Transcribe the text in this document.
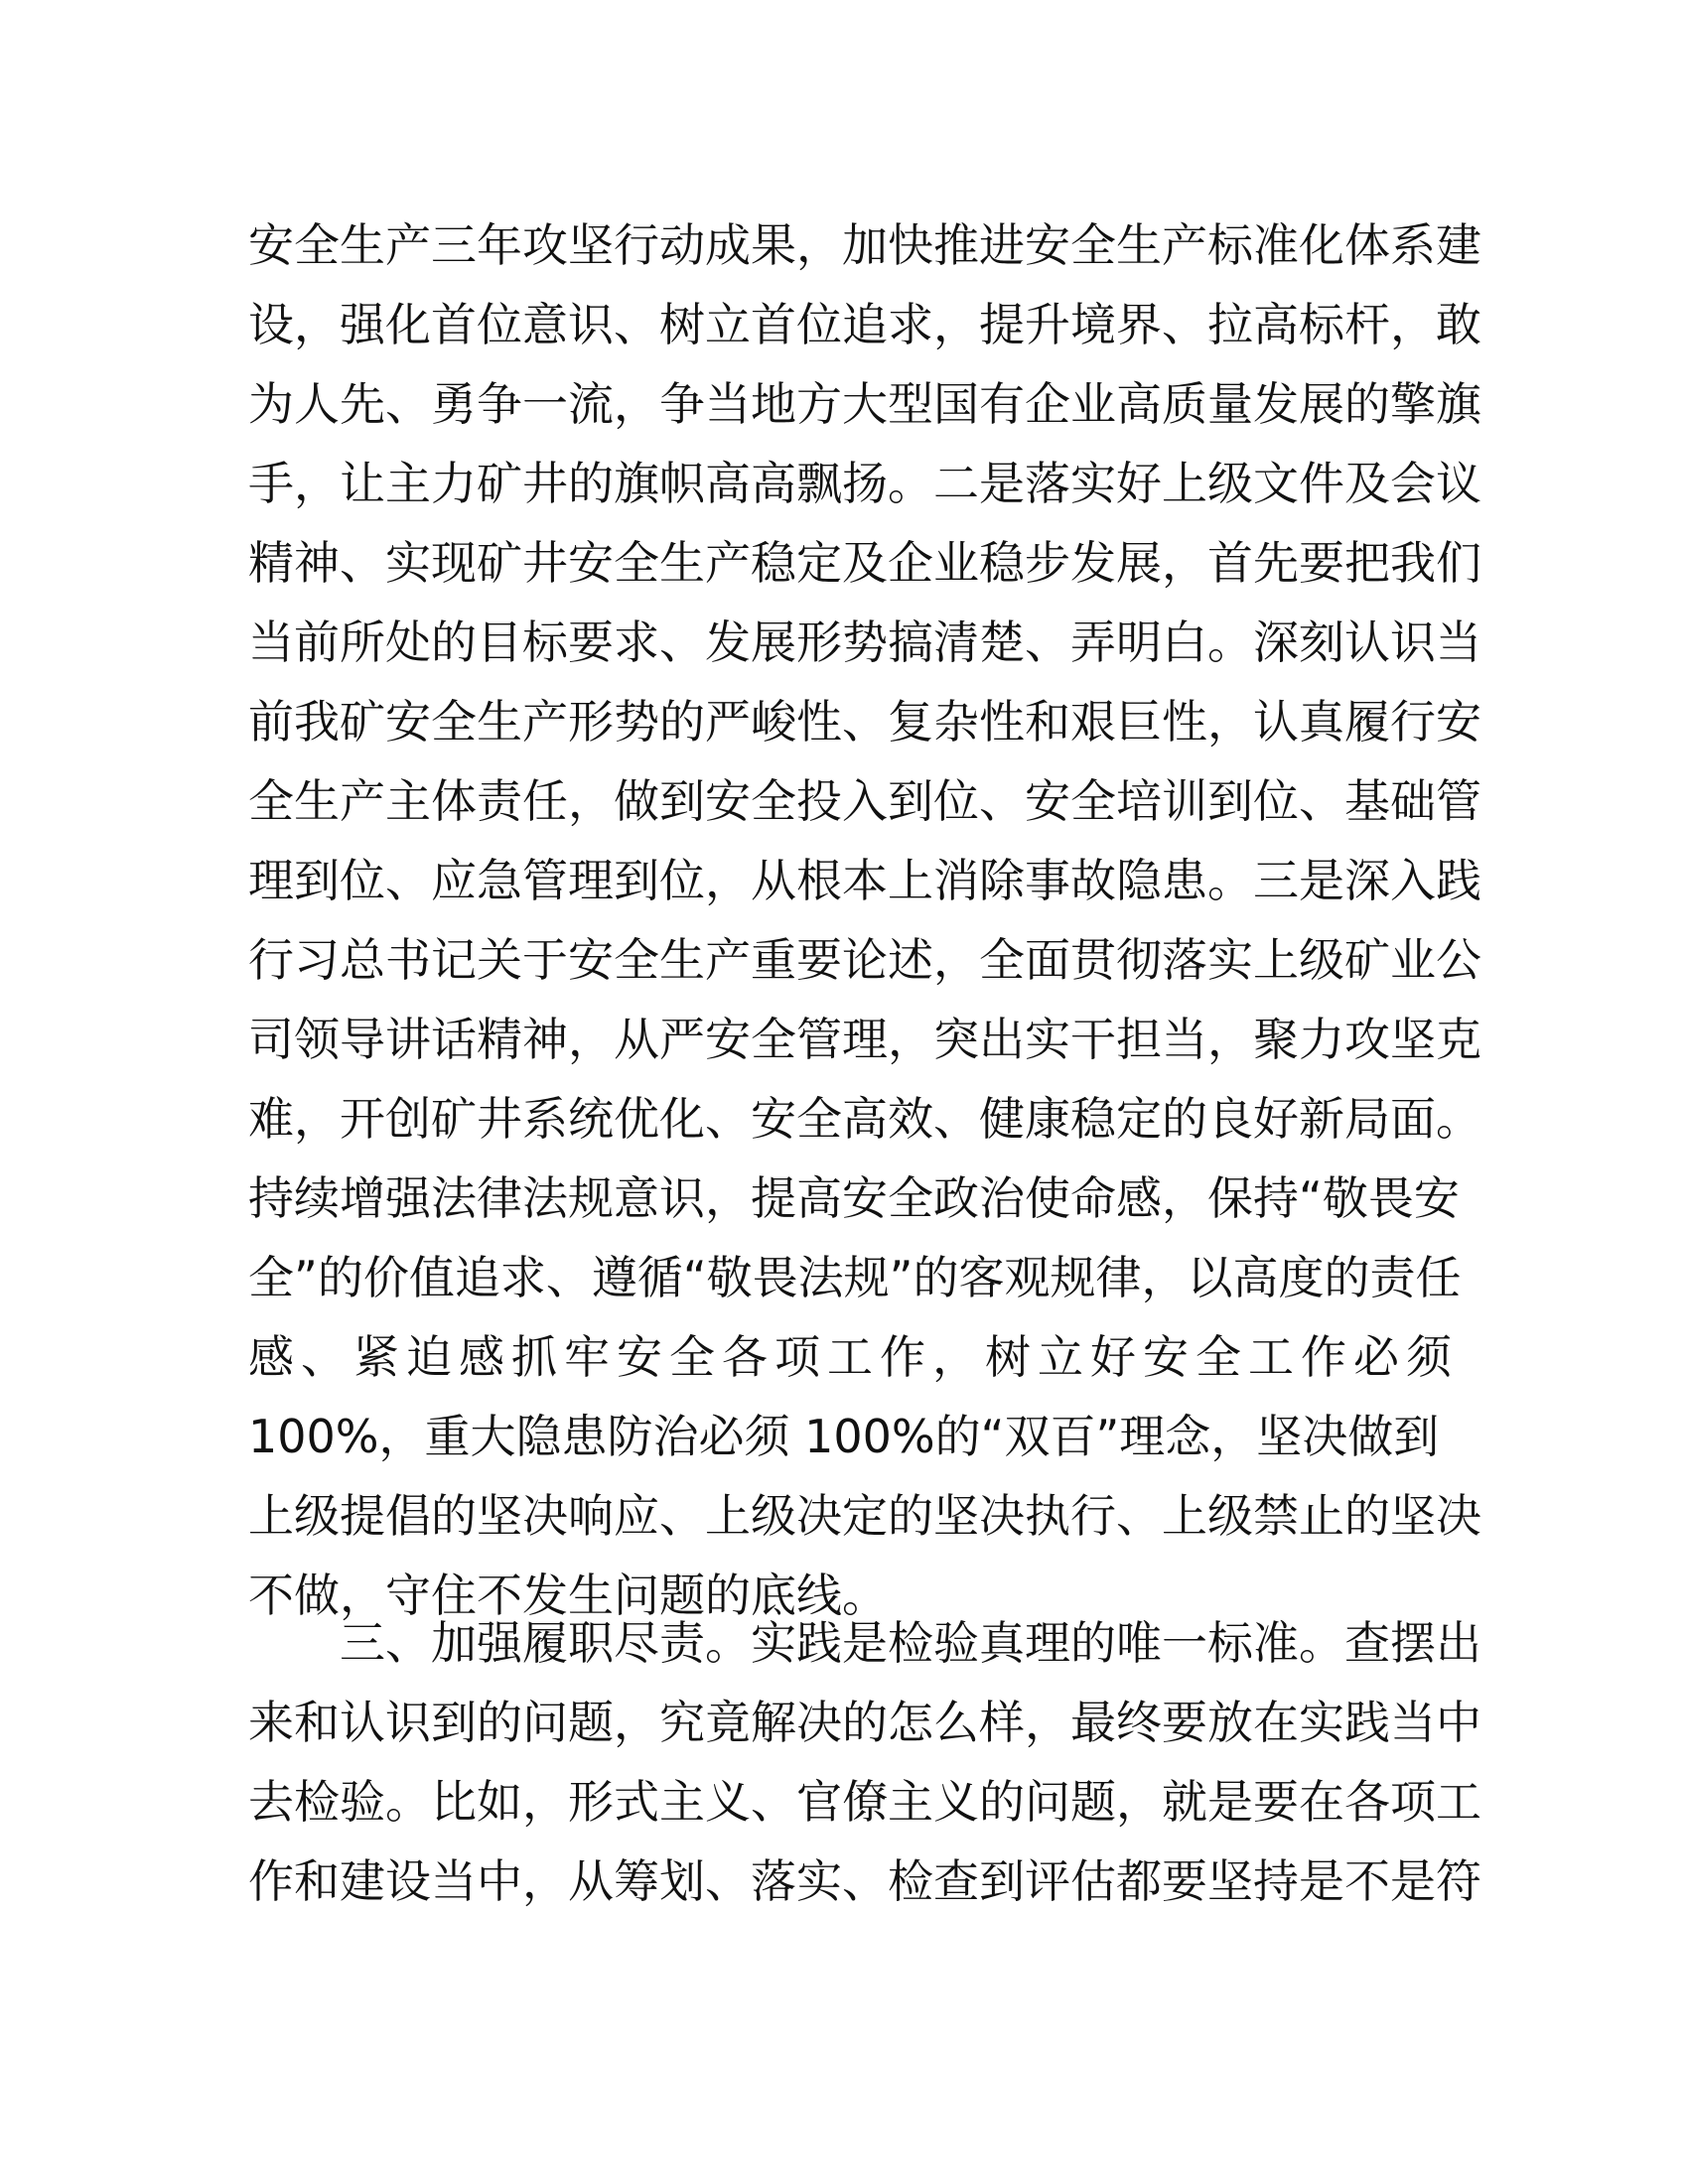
安全生产三年攻坚行动成果，加快推进安全生产标准化体系建
设，强化首位意识、树立首位追求，提升境界、拉高标杆，敢
为人先、勇争一流，争当地方大型国有企业高质量发展的擎旗
手，让主力矿井的旗帜高高飘扬。二是落实好上级文件及会议
精神、实现矿井安全生产稳定及企业稳步发展，首先要把我们
当前所处的目标要求、发展形势搞清楚、弄明白。深刻认识当
前我矿安全生产形势的严峻性、复杂性和艰巨性，认真履行安
全生产主体责任，做到安全投入到位、安全培训到位、基础管
理到位、应急管理到位，从根本上消除事故隐患。三是深入践
行习总书记关于安全生产重要论述，全面贯彻落实上级矿业公
司领导讲话精神，从严安全管理，突出实干担当，聚力攻坚克
难，开创矿井系统优化、安全高效、健康稳定的良好新局面。
持续增强法律法规意识，提高安全政治使命感，保持“敬畏安
全”的价值追求、遵循“敬畏法规”的客观规律，以高度的责任
感、紧迫感抓牢安全各项工作，树立好安全工作必须
100%，重大隐患防治必须 100%的“双百”理念，坚决做到
上级提倡的坚决响应、上级决定的坚决执行、上级禁止的坚决
不做，守住不发生问题的底线。
三、加强履职尽责。实践是检验真理的唯一标准。查摆出
来和认识到的问题，究竟解决的怎么样，最终要放在实践当中
去检验。比如，形式主义、官僚主义的问题，就是要在各项工
作和建设当中，从筹划、落实、检查到评估都要坚持是不是符
